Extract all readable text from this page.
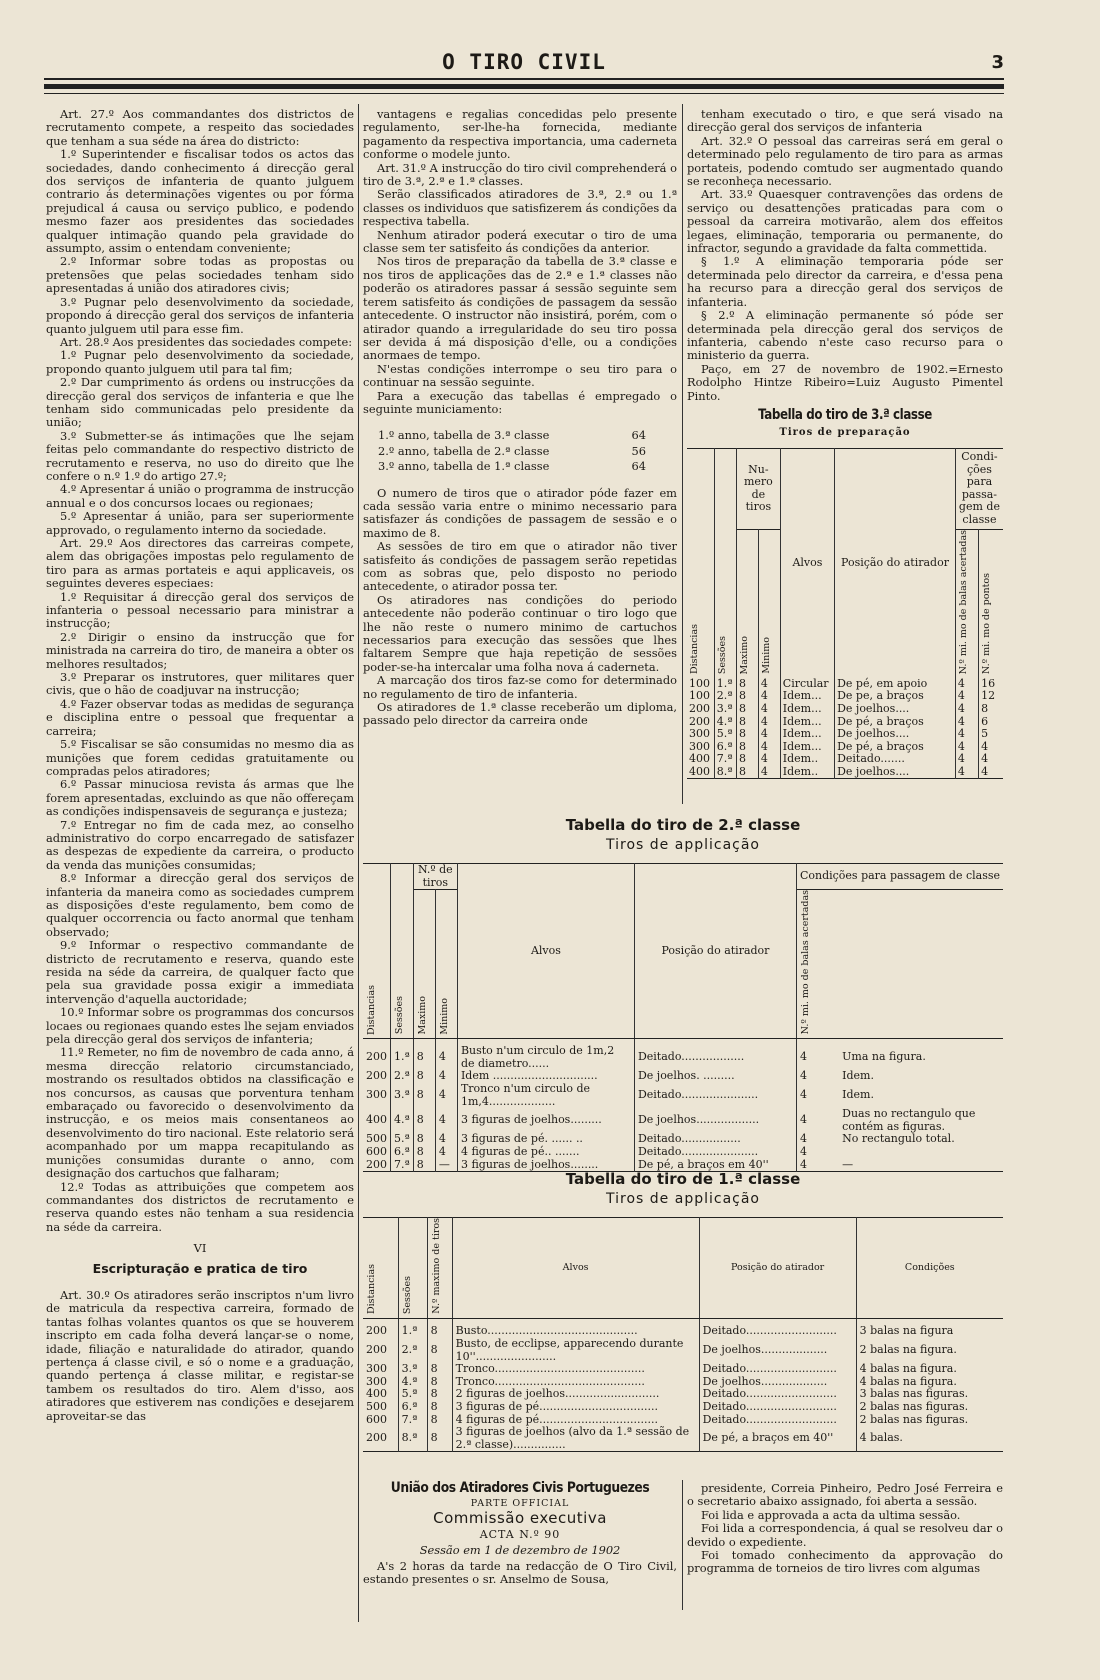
O TIRO CIVIL	3

Art. 27.º Aos commandantes dos districtos de recrutamento compete, a respeito das sociedades que tenham a sua séde na área do districto:

1.º Superintender e fiscalisar todos os actos das sociedades, dando conhecimento á direcção geral dos serviços de infanteria de quanto julguem contrario ás determinações vigentes ou por fórma prejudical á causa ou serviço publico, e podendo mesmo fazer aos presidentes das sociedades qualquer intimação quando pela gravidade do assumpto, assim o entendam conveniente;

2.º Informar sobre todas as propostas ou pretensões que pelas sociedades tenham sido apresentadas á união dos atiradores civis;

3.º Pugnar pelo desenvolvimento da sociedade, propondo á direcção geral dos serviços de infanteria quanto julguem util para esse fim.

Art. 28.º Aos presidentes das sociedades compete:

1.º Pugnar pelo desenvolvimento da sociedade, propondo quanto julguem util para tal fim;

2.º Dar cumprimento ás ordens ou instrucções da direcção geral dos serviços de infanteria e que lhe tenham sido communicadas pelo presidente da união;

3.º Submetter-se ás intimações que lhe sejam feitas pelo commandante do respectivo districto de recrutamento e reserva, no uso do direito que lhe confere o n.º 1.º do artigo 27.º;

4.º Apresentar á união o programma de instrucção annual e o dos concursos locaes ou regionaes;

5.º Apresentar á união, para ser superiormente approvado, o regulamento interno da sociedade.

Art. 29.º Aos directores das carreiras compete, alem das obrigações impostas pelo regulamento de tiro para as armas portateis e aqui applicaveis, os seguintes deveres especiaes:

1.º Requisitar á direcção geral dos serviços de infanteria o pessoal necessario para ministrar a instrucção;

2.º Dirigir o ensino da instrucção que for ministrada na carreira do tiro, de maneira a obter os melhores resultados;

3.º Preparar os instrutores, quer militares quer civis, que o hão de coadjuvar na instrucção;

4.º Fazer observar todas as medidas de segurança e disciplina entre o pessoal que frequentar a carreira;

5.º Fiscalisar se são consumidas no mesmo dia as munições que forem cedidas gratuitamente ou compradas pelos atiradores;

6.º Passar minuciosa revista ás armas que lhe forem apresentadas, excluindo as que não offereçam as condições indispensaveis de segurança e justeza;

7.º Entregar no fim de cada mez, ao conselho administrativo do corpo encarregado de satisfazer as despezas de expediente da carreira, o producto da venda das munições consumidas;

8.º Informar a direcção geral dos serviços de infanteria da maneira como as sociedades cumprem as disposições d'este regulamento, bem como de qualquer occorrencia ou facto anormal que tenham observado;

9.º Informar o respectivo commandante de districto de recrutamento e reserva, quando este resida na séde da carreira, de qualquer facto que pela sua gravidade possa exigir a immediata intervenção d'aquella auctoridade;

10.º Informar sobre os programmas dos concursos locaes ou regionaes quando estes lhe sejam enviados pela direcção geral dos serviços de infanteria;

11.º Remeter, no fim de novembro de cada anno, á mesma direcção relatorio circumstanciado, mostrando os resultados obtidos na classificação e nos concursos, as causas que porventura tenham embaraçado ou favorecido o desenvolvimento da instrucção, e os meios mais consentaneos ao desenvolvimento do tiro nacional. Este relatorio será acompanhado por um mappa recapitulando as munições consumidas durante o anno, com designação dos cartuchos que falharam;

12.º Todas as attribuições que competem aos commandantes dos districtos de recrutamento e reserva quando estes não tenham a sua residencia na séde da carreira.

VI
Escripturação e pratica de tiro

Art. 30.º Os atiradores serão inscriptos n'um livro de matricula da respectiva carreira, formado de tantas folhas volantes quantos os que se houverem inscripto em cada folha deverá lançar-se o nome, idade, filiação e naturalidade do atirador, quando pertença á classe civil, e só o nome e a graduação, quando pertença á classe militar, e registar-se tambem os resultados do tiro. Alem d'isso, aos atiradores que estiverem nas condições e desejarem aproveitar-se das

vantagens e regalias concedidas pelo presente regulamento, ser-lhe-ha fornecida, mediante pagamento da respectiva importancia, uma caderneta conforme o modele junto.

Art. 31.º A instrucção do tiro civil comprehenderá o tiro de 3.ª, 2.ª e 1.ª classes.

Serão classificados atiradores de 3.ª, 2.ª ou 1.ª classes os individuos que satisfizerem ás condições da respectiva tabella.

Nenhum atirador poderá executar o tiro de uma classe sem ter satisfeito ás condições da anterior.

Nos tiros de preparação da tabella de 3.ª classe e nos tiros de applicações das de 2.ª e 1.ª classes não poderão os atiradores passar á sessão seguinte sem terem satisfeito ás condições de passagem da sessão antecedente. O instructor não insistirá, porém, com o atirador quando a irregularidade do seu tiro possa ser devida á má disposição d'elle, ou a condições anormaes de tempo.

N'estas condições interrompe o seu tiro para o continuar na sessão seguinte.

Para a execução das tabellas é empregado o seguinte municiamento:

1.º anno, tabella de 3.ª classe	64
2.º anno, tabella de 2.ª classe	56
3.º anno, tabella de 1.ª classe	64

O numero de tiros que o atirador póde fazer em cada sessão varia entre o minimo necessario para satisfazer ás condições de passagem de sessão e o maximo de 8.

As sessões de tiro em que o atirador não tiver satisfeito ás condições de passagem serão repetidas com as sobras que, pelo disposto no periodo antecedente, o atirador possa ter.

Os atiradores nas condições do periodo antecedente não poderão continuar o tiro logo que lhe não reste o numero minimo de cartuchos necessarios para execução das sessões que lhes faltarem Sempre que haja repetição de sessões poder-se-ha intercalar uma folha nova á caderneta.

A marcação dos tiros faz-se como for determinado no regulamento de tiro de infanteria.

Os atiradores de 1.ª classe receberão um diploma, passado pelo director da carreira onde

tenham executado o tiro, e que será visado na direcção geral dos serviços de infanteria

Art. 32.º O pessoal das carreiras será em geral o determinado pelo regulamento de tiro para as armas portateis, podendo comtudo ser augmentado quando se reconheça necessario.

Art. 33.º Quaesquer contravenções das ordens de serviço ou desattenções praticadas para com o pessoal da carreira motivarão, alem dos effeitos legaes, eliminação, temporaria ou permanente, do infractor, segundo a gravidade da falta commettida.

§ 1.º A eliminação temporaria póde ser determinada pelo director da carreira, e d'essa pena ha recurso para a direcção geral dos serviços de infanteria.

§ 2.º A eliminação permanente só póde ser determinada pela direcção geral dos serviços de infanteria, cabendo n'este caso recurso para o ministerio da guerra.

Paço, em 27 de novembro de 1902.=Ernesto Rodolpho Hintze Ribeiro=Luiz Augusto Pimentel Pinto.

Tabella do tiro de 3.ª classe
Tiros de preparação
Distancias	Sessões	Nu-mero de tiros		Alvos	Posição do atirador	Condi-ções para passa-gem de classe	
		Maximo	Minimo			N.º mi. mo de balas acertadas	N.º mi. mo de pontos
100	1.ª	8	4	Circular	De pé, em apoio	4	16
100	2.ª	8	4	Idem...	De pe, a braços	4	12
200	3.ª	8	4	Idem...	De joelhos....	4	8
200	4.ª	8	4	Idem...	De pé, a braços	4	6
300	5.ª	8	4	Idem...	De joelhos....	4	5
300	6.ª	8	4	Idem...	De pé, a braços	4	4
400	7.ª	8	4	Idem..	Deitado.......	4	4
400	8.ª	8	4	Idem..	De joelhos....	4	4
Tabella do tiro de 2.ª classe
Tiros de applicação
Distancias	Sessões	N.º de tiros		Alvos	Posição do atirador	Condições para passagem de classe	
		Maximo	Minimo			N.º mi. mo de balas acertadas	
200	1.ª	8	4	Busto n'um circulo de 1m,2 de diametro......	Deitado..................	4	Uma na figura.
200	2.ª	8	4	Idem ..............................	De joelhos. .........	4	Idem.
300	3.ª	8	4	Tronco n'um circulo de 1m,4...................	Deitado......................	4	Idem.
400	4.ª	8	4	3 figuras de joelhos.........	De joelhos..................	4	Duas no rectangulo que contém as figuras.
500	5.ª	8	4	3 figuras de pé. ...... ..	Deitado.................	4	No rectangulo total.
600	6.ª	8	4	4 figuras de pé.. .......	Deitado......................	4	
200	7.ª	8	—	3 figuras de joelhos........	De pé, a braços em 40''	4	—
Tabella do tiro de 1.ª classe
Tiros de applicação
Distancias	Sessões	N.º maximo de tiros	Alvos	Posição do atirador	Condições
200	1.ª	8	Busto...........................................	Deitado..........................	3 balas na figura
200	2.ª	8	Busto, de ecclipse, apparecendo durante 10''.......................	De joelhos...................	2 balas na figura.
300	3.ª	8	Tronco...........................................	Deitado..........................	4 balas na figura.
300	4.ª	8	Tronco...........................................	De joelhos...................	4 balas na figura.
400	5.ª	8	2 figuras de joelhos...........................	Deitado..........................	3 balas nas figuras.
500	6.ª	8	3 figuras de pé..................................	Deitado..........................	2 balas nas figuras.
600	7.ª	8	4 figuras de pé..................................	Deitado..........................	2 balas nas figuras.
200	8.ª	8	3 figuras de joelhos (alvo da 1.ª sessão de 2.ª classe)...............	De pé, a braços em 40''	4 balas.
União dos Atiradores Civis Portuguezes
PARTE OFFICIAL
Commissão executiva
ACTA N.º 90
Sessão em 1 de dezembro de 1902

A's 2 horas da tarde na redacção de O Tiro Civil, estando presentes o sr. Anselmo de Sousa,

presidente, Correia Pinheiro, Pedro José Ferreira e o secretario abaixo assignado, foi aberta a sessão.

Foi lida e approvada a acta da ultima sessão.

Foi lida a correspondencia, á qual se resolveu dar o devido o expediente.

Foi tomado conhecimento da approvação do programma de torneios de tiro livres com algumas
